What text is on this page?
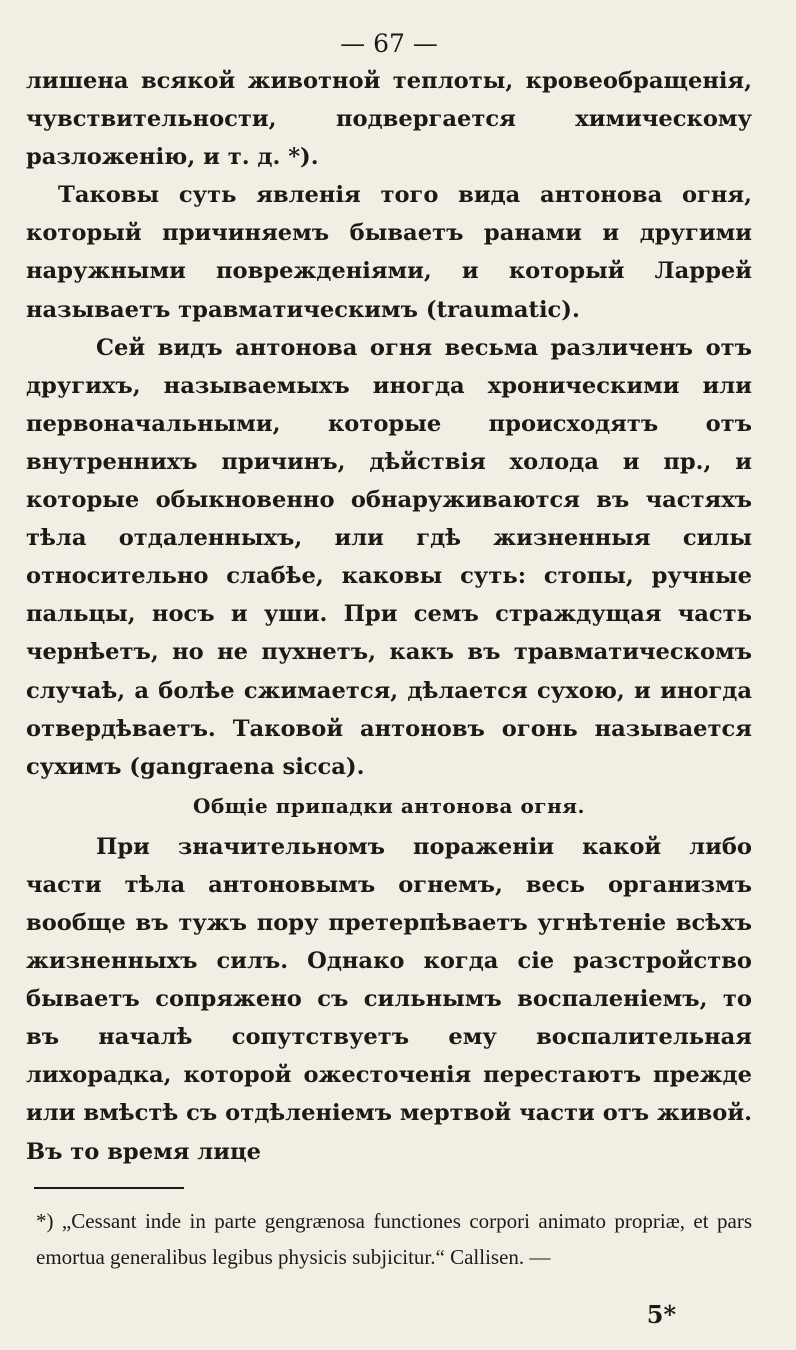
— 67 —

лишена всякой животной теплоты, кровеобращенія, чувствительности, подвергается химическому разложенію, и т. д. *).

Таковы суть явленія того вида антонова огня, который причиняемъ бываетъ ранами и другими наружными поврежденіями, и который Ларрей называетъ травматическимъ (traumatic).

Сей видъ антонова огня весьма различенъ отъ другихъ, называемыхъ иногда хроническими или первоначальными, которые происходятъ отъ внутреннихъ причинъ, дѣйствія холода и пр., и которые обыкновенно обнаруживаются въ частяхъ тѣла отдаленныхъ, или гдѣ жизненныя силы относительно слабѣе, каковы суть: стопы, ручные пальцы, носъ и уши. При семъ страждущая часть чернѣетъ, но не пухнетъ, какъ въ травматическомъ случаѣ, а болѣе сжимается, дѣлается сухою, и иногда отвердѣваетъ. Таковой антоновъ огонь называется сухимъ (gangraena sicca).

Общіе припадки антонова огня.

При значительномъ пораженіи какой либо части тѣла антоновымъ огнемъ, весь организмъ вообще въ тужъ пору претерпѣваетъ угнѣтеніе всѣхъ жизненныхъ силъ. Однако когда сіе разстройство бываетъ сопряжено съ сильнымъ воспаленіемъ, то въ началѣ сопутствуетъ ему воспалительная лихорадка, которой ожесточенія перестаютъ прежде или вмѣстѣ съ отдѣленіемъ мертвой части отъ живой. Въ то время лице

*) „Cessant inde in parte gengrænosa functiones corpori animato propriæ, et pars emortua generalibus legibus physicis subjicitur.“ Callisen. —
5*
